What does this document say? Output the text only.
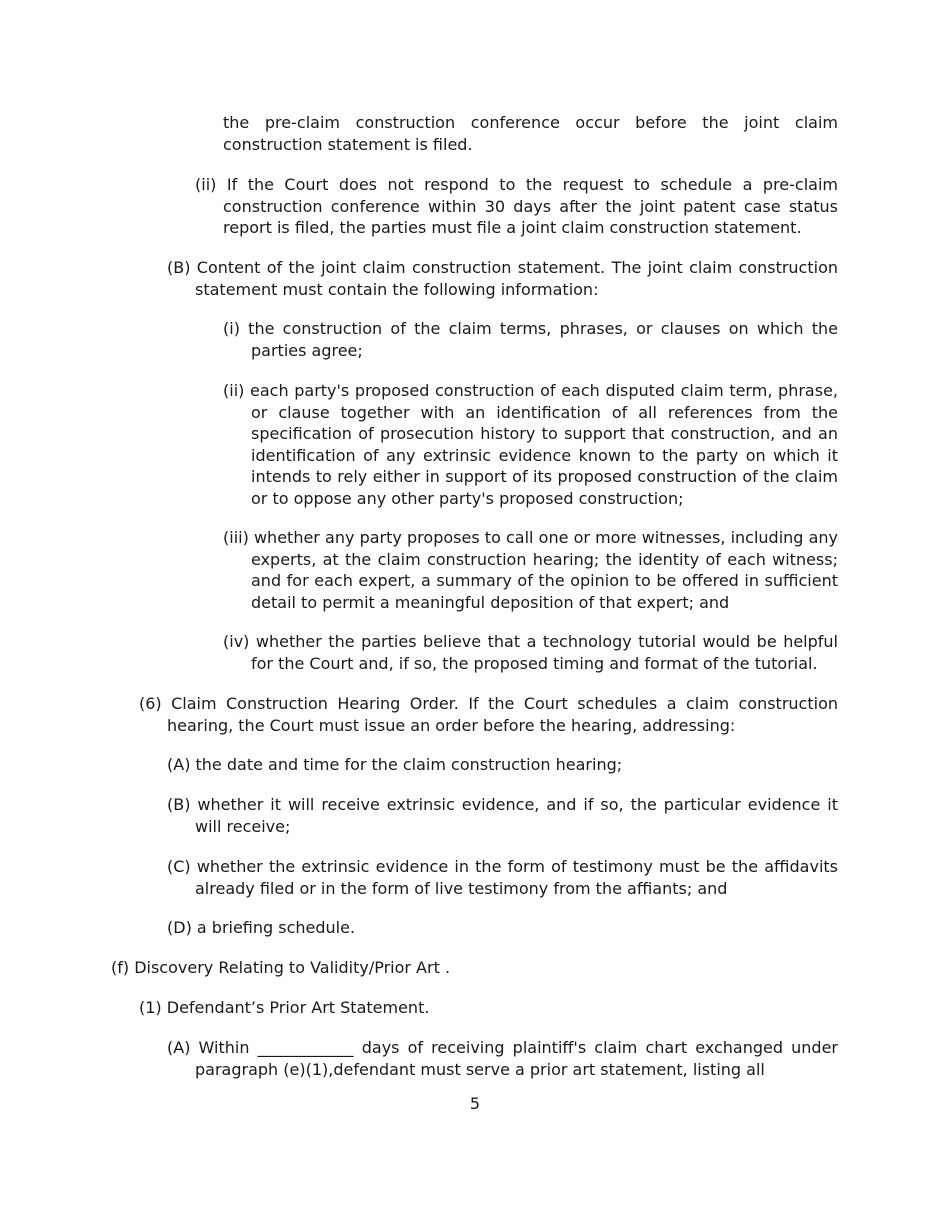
the pre-claim construction conference occur before the joint claim construction statement is filed.

(ii) If the Court does not respond to the request to schedule a pre-claim construction conference within 30 days after the joint patent case status report is filed, the parties must file a joint claim construction statement.

(B) Content of the joint claim construction statement. The joint claim construction statement must contain the following information:

(i) the construction of the claim terms, phrases, or clauses on which the parties agree;

(ii) each party's proposed construction of each disputed claim term, phrase, or clause together with an identification of all references from the specification of prosecution history to support that construction, and an identification of any extrinsic evidence known to the party on which it intends to rely either in support of its proposed construction of the claim or to oppose any other party's proposed construction;

(iii) whether any party proposes to call one or more witnesses, including any experts, at the claim construction hearing; the identity of each witness; and for each expert, a summary of the opinion to be offered in sufficient detail to permit a meaningful deposition of that expert; and

(iv) whether the parties believe that a technology tutorial would be helpful for the Court and, if so, the proposed timing and format of the tutorial.

(6) Claim Construction Hearing Order. If the Court schedules a claim construction hearing, the Court must issue an order before the hearing, addressing:

(A) the date and time for the claim construction hearing;

(B) whether it will receive extrinsic evidence, and if so, the particular evidence it will receive;

(C) whether the extrinsic evidence in the form of testimony must be the affidavits already filed or in the form of live testimony from the affiants; and

(D) a briefing schedule.

(f) Discovery Relating to Validity/Prior Art .

(1) Defendant’s Prior Art Statement.

(A) Within ____________ days of receiving plaintiff's claim chart exchanged under paragraph (e)(1),defendant must serve a prior art statement, listing all

5
